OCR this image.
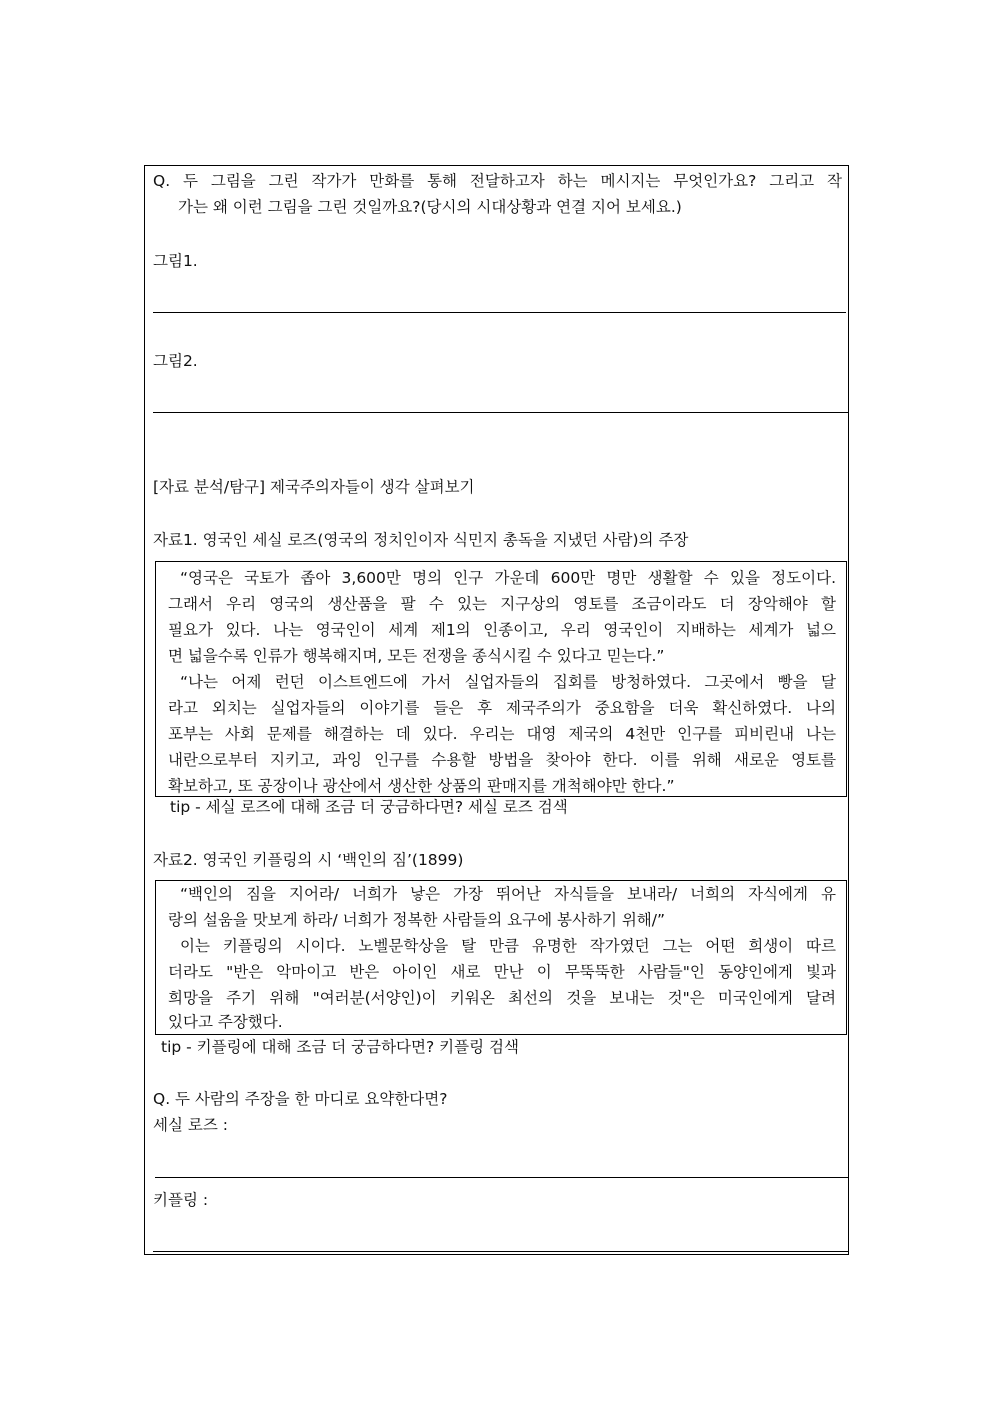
Q. 두 그림을 그린 작가가 만화를 통해 전달하고자 하는 메시지는 무엇인가요? 그리고 작
가는 왜 이런 그림을 그린 것일까요?(당시의 시대상황과 연결 지어 보세요.)
그림1.
그림2.
[자료 분석/탐구] 제국주의자들이 생각 살펴보기
자료1. 영국인 세실 로즈(영국의 정치인이자 식민지 총독을 지냈던 사람)의 주장
“영국은 국토가 좁아 3,600만 명의 인구 가운데 600만 명만 생활할 수 있을 정도이다.
그래서 우리 영국의 생산품을 팔 수 있는 지구상의 영토를 조금이라도 더 장악해야 할
필요가 있다. 나는 영국인이 세계 제1의 인종이고, 우리 영국인이 지배하는 세계가 넓으
면 넓을수록 인류가 행복해지며, 모든 전쟁을 종식시킬 수 있다고 믿는다.”
“나는 어제 런던 이스트엔드에 가서 실업자들의 집회를 방청하였다. 그곳에서 빵을 달
라고 외치는 실업자들의 이야기를 들은 후 제국주의가 중요함을 더욱 확신하였다. 나의
포부는 사회 문제를 해결하는 데 있다. 우리는 대영 제국의 4천만 인구를 피비린내 나는
내란으로부터 지키고, 과잉 인구를 수용할 방법을 찾아야 한다. 이를 위해 새로운 영토를
확보하고, 또 공장이나 광산에서 생산한 상품의 판매지를 개척해야만 한다.”
tip - 세실 로즈에 대해 조금 더 궁금하다면? 세실 로즈 검색
자료2. 영국인 키플링의 시 ‘백인의 짐’(1899)
“백인의 짐을 지어라/ 너희가 낳은 가장 뛰어난 자식들을 보내라/ 너희의 자식에게 유
랑의 설움을 맛보게 하라/ 너희가 정복한 사람들의 요구에 봉사하기 위해/”
이는 키플링의 시이다. 노벨문학상을 탈 만큼 유명한 작가였던 그는 어떤 희생이 따르
더라도 "반은 악마이고 반은 아이인 새로 만난 이 무뚝뚝한 사람들"인 동양인에게 빛과
희망을 주기 위해 "여러분(서양인)이 키워온 최선의 것을 보내는 것"은 미국인에게 달려
있다고 주장했다.
tip - 키플링에 대해 조금 더 궁금하다면? 키플링 검색
Q. 두 사람의 주장을 한 마디로 요약한다면?
세실 로즈 :
키플링 :
